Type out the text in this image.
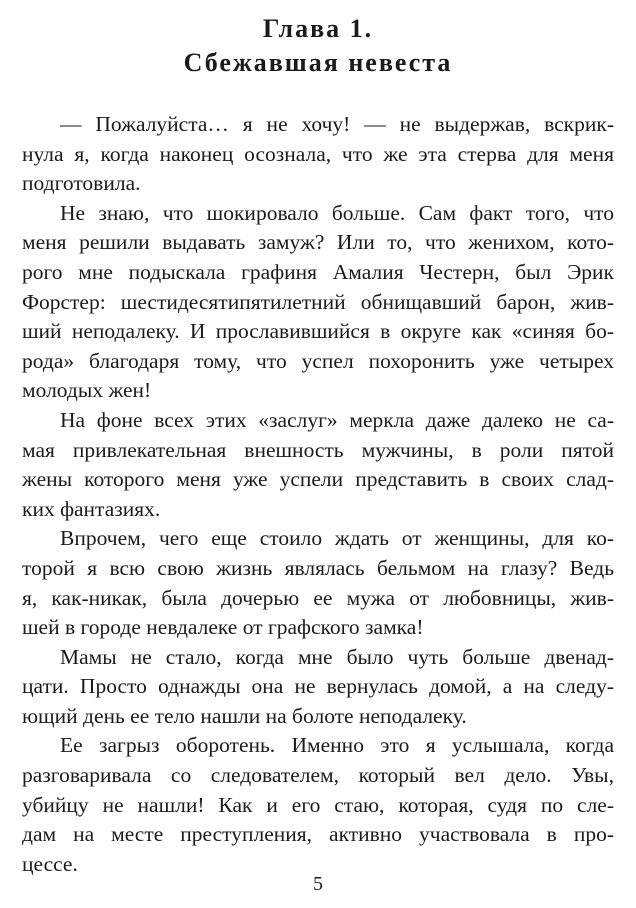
Глава 1.
Сбежавшая невеста
— Пожалуйста… я не хочу! — не выдержав, вскрик-
нула я, когда наконец осознала, что же эта стерва для меня
подготовила.
Не знаю, что шокировало больше. Сам факт того, что
меня решили выдавать замуж? Или то, что женихом, кото-
рого мне подыскала графиня Амалия Честерн, был Эрик
Форстер: шестидесятипятилетний обнищавший барон, жив-
ший неподалеку. И прославившийся в округе как «синяя бо-
рода» благодаря тому, что успел похоронить уже четырех
молодых жен!
На фоне всех этих «заслуг» меркла даже далеко не са-
мая привлекательная внешность мужчины, в роли пятой
жены которого меня уже успели представить в своих слад-
ких фантазиях.
Впрочем, чего еще стоило ждать от женщины, для ко-
торой я всю свою жизнь являлась бельмом на глазу? Ведь
я, как-никак, была дочерью ее мужа от любовницы, жив-
шей в городе невдалеке от графского замка!
Мамы не стало, когда мне было чуть больше двенад-
цати. Просто однажды она не вернулась домой, а на следу-
ющий день ее тело нашли на болоте неподалеку.
Ее загрыз оборотень. Именно это я услышала, когда
разговаривала со следователем, который вел дело. Увы,
убийцу не нашли! Как и его стаю, которая, судя по сле-
дам на месте преступления, активно участвовала в про-
цессе.
5
